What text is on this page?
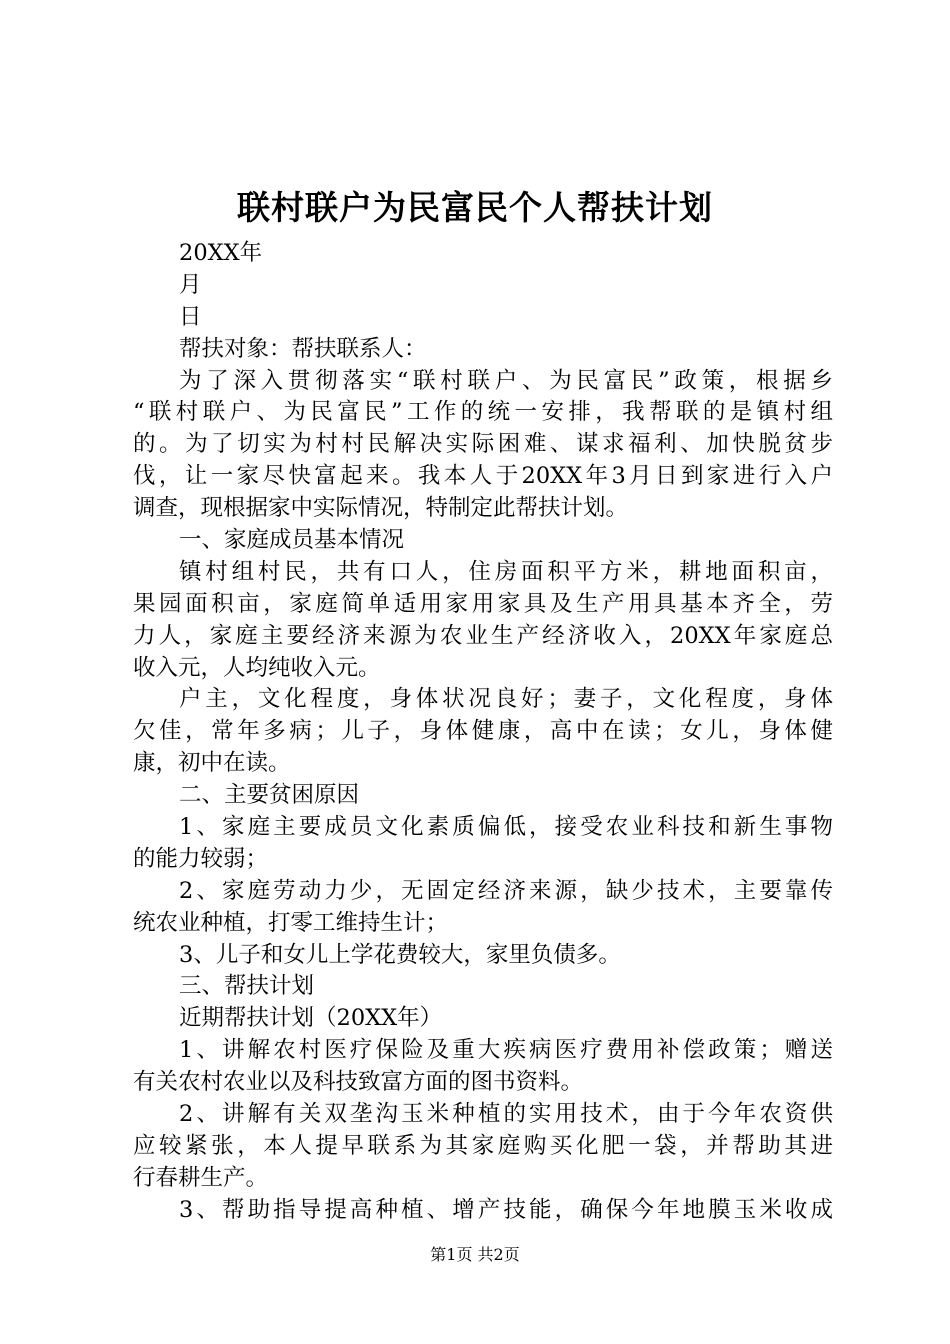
联村联户为民富民个人帮扶计划
20XX年
月
日
帮扶对象：帮扶联系人：
为了深入贯彻落实“联村联户、为民富民”政策，根据乡
“联村联户、为民富民”工作的统一安排，我帮联的是镇村组
的。为了切实为村村民解决实际困难、谋求福利、加快脱贫步
伐，让一家尽快富起来。我本人于20XX年3月日到家进行入户
调查，现根据家中实际情况，特制定此帮扶计划。
一、家庭成员基本情况
镇村组村民，共有口人，住房面积平方米，耕地面积亩，
果园面积亩，家庭简单适用家用家具及生产用具基本齐全，劳
力人，家庭主要经济来源为农业生产经济收入，20XX年家庭总
收入元，人均纯收入元。
户主，文化程度，身体状况良好；妻子，文化程度，身体
欠佳，常年多病；儿子，身体健康，高中在读；女儿，身体健
康，初中在读。
二、主要贫困原因
1、家庭主要成员文化素质偏低，接受农业科技和新生事物
的能力较弱；
2、家庭劳动力少，无固定经济来源，缺少技术，主要靠传
统农业种植，打零工维持生计；
3、儿子和女儿上学花费较大，家里负债多。
三、帮扶计划
近期帮扶计划（20XX年）
1、讲解农村医疗保险及重大疾病医疗费用补偿政策；赠送
有关农村农业以及科技致富方面的图书资料。
2、讲解有关双垄沟玉米种植的实用技术，由于今年农资供
应较紧张，本人提早联系为其家庭购买化肥一袋，并帮助其进
行春耕生产。
3、帮助指导提高种植、增产技能，确保今年地膜玉米收成
第1页 共2页
